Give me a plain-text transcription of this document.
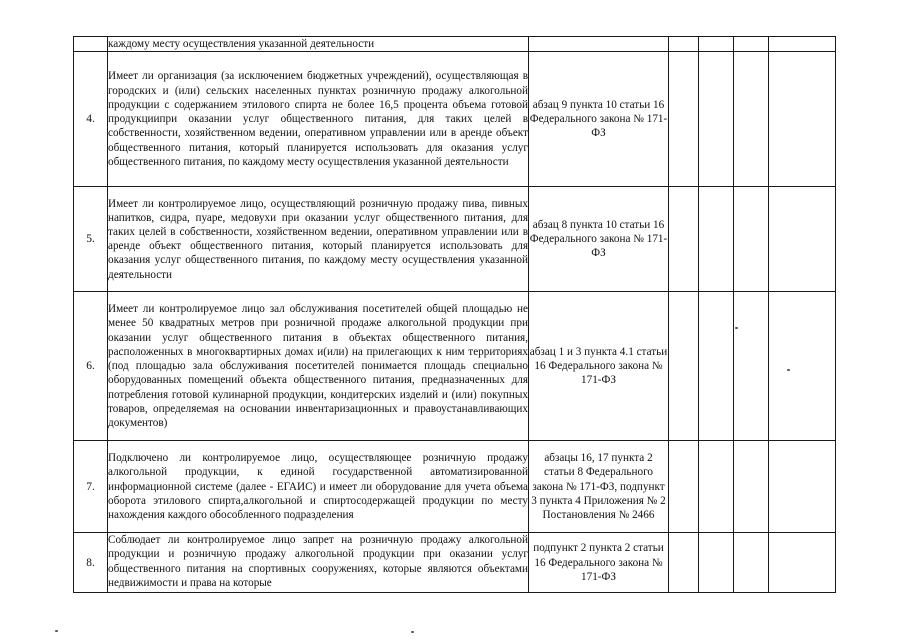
	каждому месту осуществления указанной деятельности					

4.	Имеет ли организация (за исключением бюджетных учреждений), осуществляющая в городских и (или) сельских населенных пунктах розничную продажу алкогольной продукции с содержанием этилового спирта не более 16,5 процента объема готовой продукциипри оказании услуг общественного питания, для таких целей в собственности, хозяйственном ведении, оперативном управлении или в аренде объект общественного питания, который планируется использовать для оказания услуг общественного питания, по каждому месту осуществления указанной деятельности	абзац 9 пункта 10 статьи 16 Федерального закона № 171-ФЗ				
5.	Имеет ли контролируемое лицо, осуществляющий розничную продажу пива, пивных напитков, сидра, пуаре, медовухи при оказании услуг общественного питания, для таких целей в собственности, хозяйственном ведении, оперативном управлении или в аренде объект общественного питания, который планируется использовать для оказания услуг общественного питания, по каждому месту осуществления указанной деятельности	абзац 8 пункта 10 статьи 16 Федерального закона № 171-ФЗ				
6.	Имеет ли контролируемое лицо зал обслуживания посетителей общей площадью не менее 50 квадратных метров при розничной продаже алкогольной продукции при оказании услуг общественного питания в объектах общественного питания, расположенных в многоквартирных домах и(или) на прилегающих к ним территориях (под площадью зала обслуживания посетителей понимается площадь специально оборудованных помещений объекта общественного питания, предназначенных для потребления готовой кулинарной продукции, кондитерских изделий и (или) покупных товаров, определяемая на основании инвентаризационных и правоустанавливающих документов)	абзац 1 и 3 пункта 4.1 статьи 16 Федерального закона № 171-ФЗ				
7.	Подключено ли контролируемое лицо, осуществляющее розничную продажу алкогольной продукции, к единой государственной автоматизированной информационной системе (далее - ЕГАИС) и имеет ли оборудование для учета объема оборота этилового спирта,алкогольной и спиртосодержащей продукции по месту нахождения каждого обособленного подразделения	абзацы 16, 17 пункта 2 статьи 8 Федерального закона № 171-ФЗ, подпункт 3 пункта 4 Приложения № 2 Постановления № 2466				
8.	Соблюдает ли контролируемое лицо запрет на розничную продажу алкогольной продукции и розничную продажу алкогольной продукции при оказании услуг общественного питания на спортивных сооружениях, которые являются объектами недвижимости и права на которые	подпункт 2 пункта 2 статьи 16 Федерального закона № 171-ФЗ				
